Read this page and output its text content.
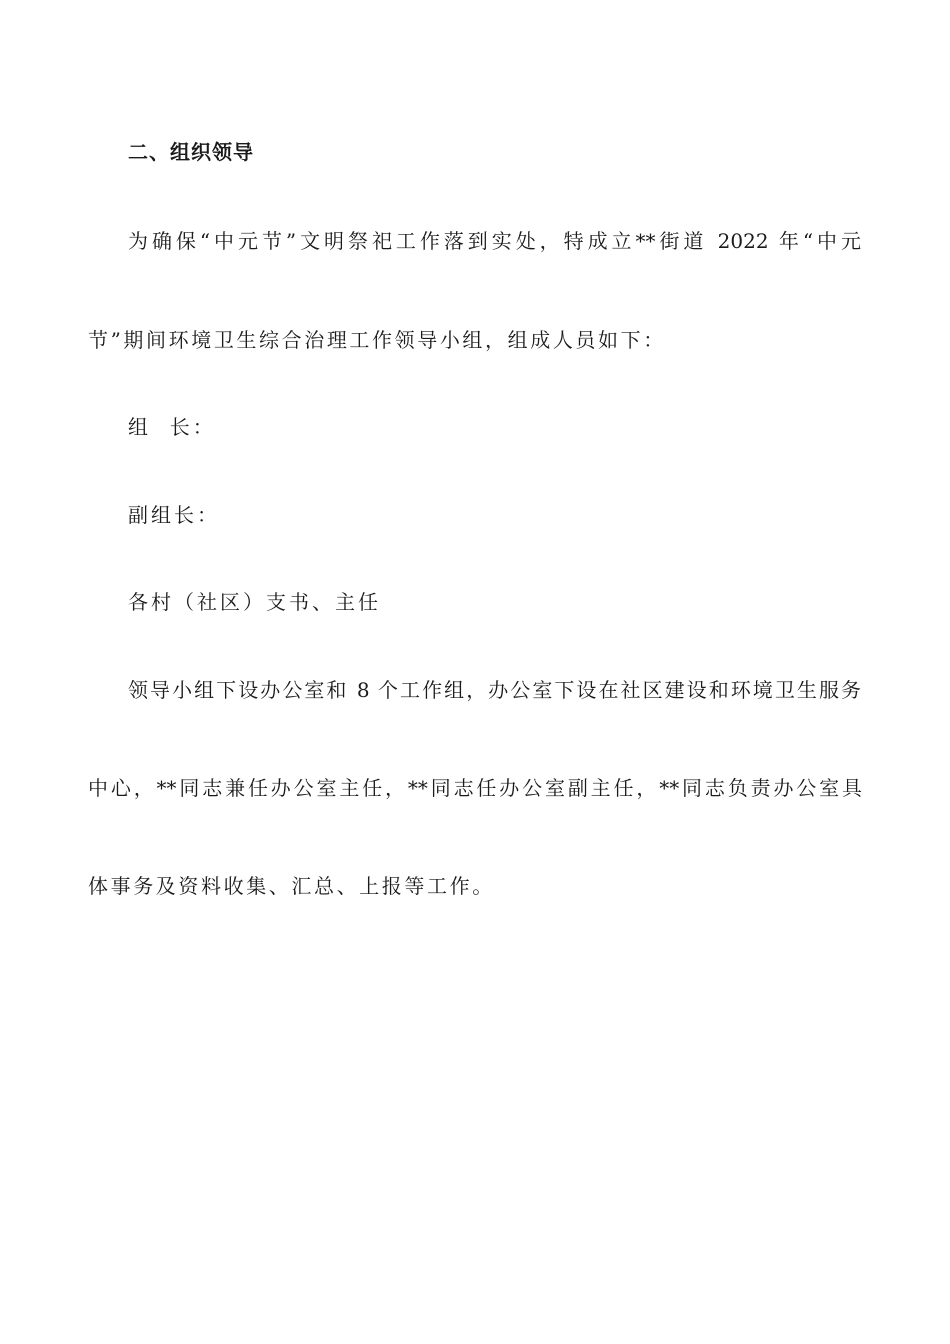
二、组织领导
为确保“中元节”文明祭祀工作落到实处，特成立**街道 2022 年“中元
节”期间环境卫生综合治理工作领导小组，组成人员如下：
组  长：
副组长：
各村（社区）支书、主任
领导小组下设办公室和 8 个工作组，办公室下设在社区建设和环境卫生服务
中心，**同志兼任办公室主任，**同志任办公室副主任，**同志负责办公室具
体事务及资料收集、汇总、上报等工作。
